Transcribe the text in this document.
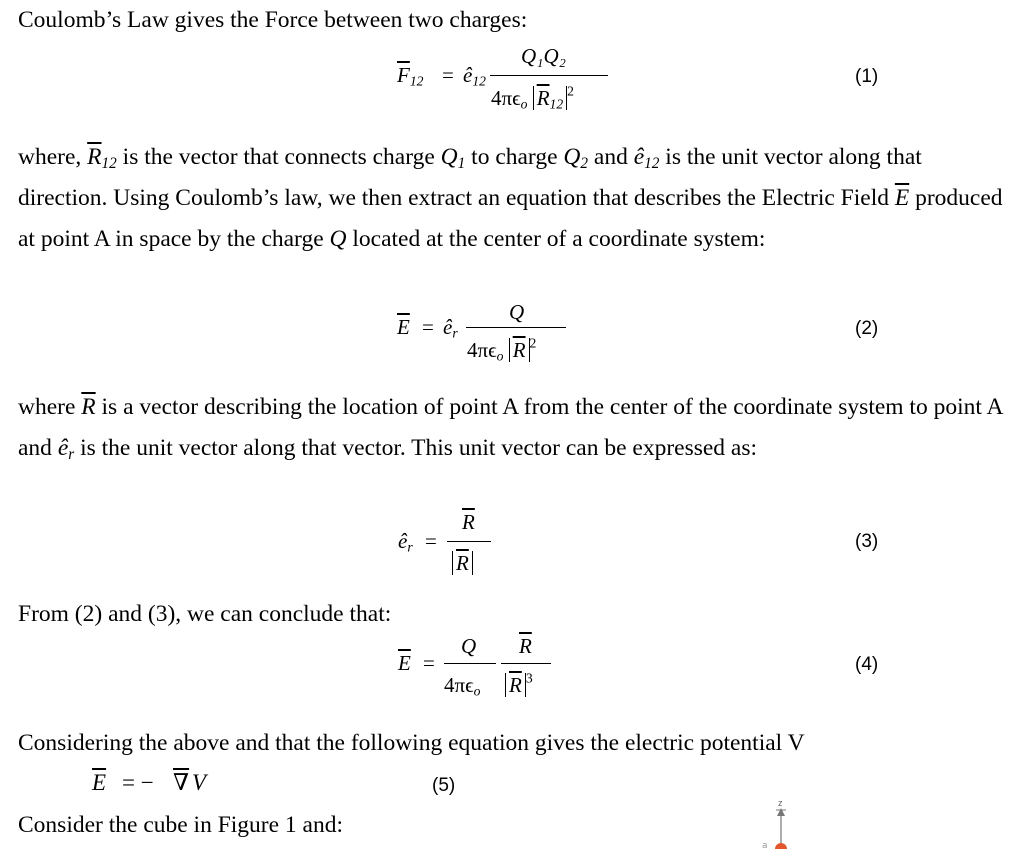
Coulomb’s Law gives the Force between two charges:

$\overline{F}_{12}$ = $ê_{12}$
Q₁Q₂
$4\pi\epsilon_o$ $\overline{R}_{12}^2$
(1)

where, $\overline{R}_{12}$ is the vector that connects charge $Q_1$ to charge $Q_2$ and $ê_{12}$ is the unit vector along that direction. Using Coulomb’s law, we then extract an equation that describes the Electric Field $\overline{E}$ produced at point A in space by the charge Q located at the center of a coordinate system:

$\overline{E}$ = $ê_r$
Q
$4\pi\epsilon_o$ $\overline{R}$ $^2$
(2)

where $\overline{R}$ is a vector describing the location of point A from the center of the coordinate system to point A and $ê_r$ is the unit vector along that vector. This unit vector can be expressed as:

$ê_r$ =
$\overline{R}$
$\overline{R}$
(3)

From (2) and (3), we can conclude that:

$\overline{E}$ =
Q
$4\pi\epsilon_o$
$\overline{R}$
$\overline{R}$ $^3$
(4)

Considering the above and that the following equation gives the electric potential V

$\overline{E}$ = − ∇ V	(5)

Consider the cube in Figure 1 and:

z
a
